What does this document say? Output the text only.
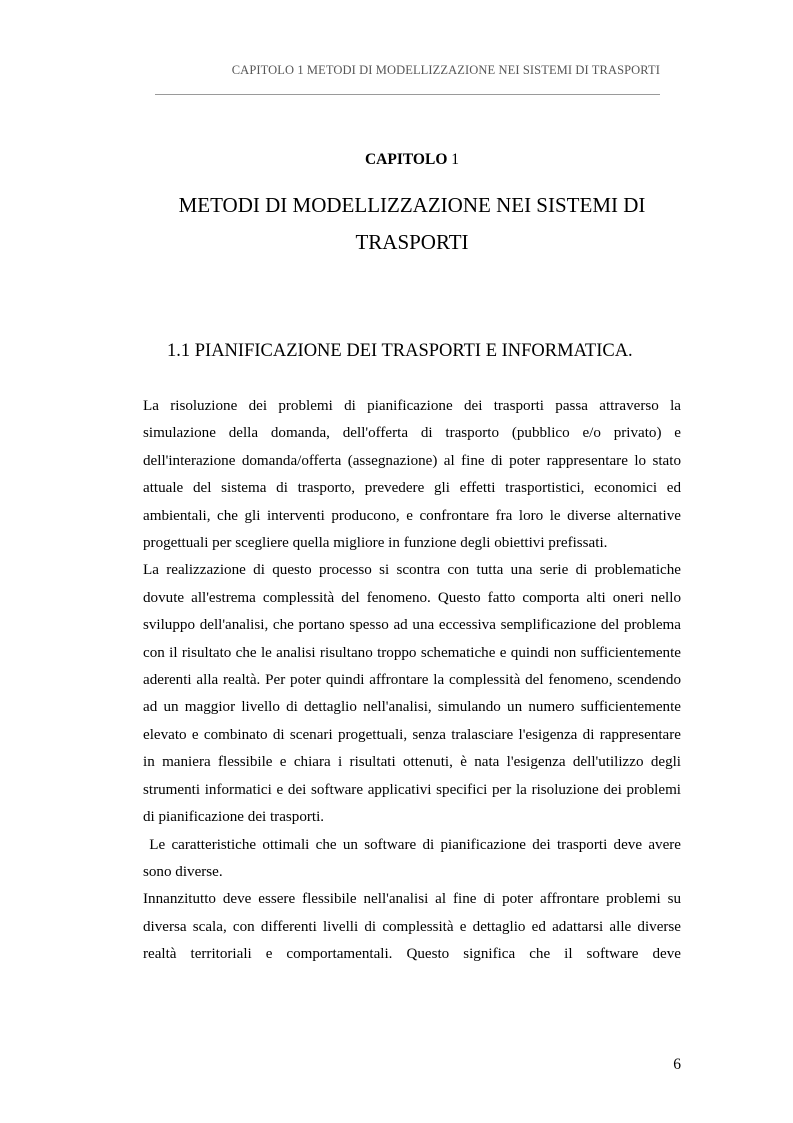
CAPITOLO 1 METODI DI MODELLIZZAZIONE NEI SISTEMI DI TRASPORTI
CAPITOLO 1
METODI DI MODELLIZZAZIONE NEI SISTEMI DI
TRASPORTI
1.1 PIANIFICAZIONE DEI TRASPORTI E INFORMATICA.

La risoluzione dei problemi di pianificazione dei trasporti passa attraverso la simulazione della domanda, dell'offerta di trasporto (pubblico e/o privato) e dell'interazione domanda/offerta (assegnazione) al fine di poter rappresentare lo stato attuale del sistema di trasporto, prevedere gli effetti trasportistici, economici ed ambientali, che gli interventi producono, e confrontare fra loro le diverse alternative progettuali per scegliere quella migliore in funzione degli obiettivi prefissati.

La realizzazione di questo processo si scontra con tutta una serie di problematiche dovute all'estrema complessità del fenomeno. Questo fatto comporta alti oneri nello sviluppo dell'analisi, che portano spesso ad una eccessiva semplificazione del problema con il risultato che le analisi risultano troppo schematiche e quindi non sufficientemente aderenti alla realtà. Per poter quindi affrontare la complessità del fenomeno, scendendo ad un maggior livello di dettaglio nell'analisi, simulando un numero sufficientemente elevato e combinato di scenari progettuali, senza tralasciare l'esigenza di rappresentare in maniera flessibile e chiara i risultati ottenuti, è nata l'esigenza dell'utilizzo degli strumenti informatici e dei software applicativi specifici per la risoluzione dei problemi di pianificazione dei trasporti.

Le caratteristiche ottimali che un software di pianificazione dei trasporti deve avere sono diverse.

Innanzitutto deve essere flessibile nell'analisi al fine di poter affrontare problemi su diversa scala, con differenti livelli di complessità e dettaglio ed adattarsi alle diverse realtà territoriali e comportamentali. Questo significa che il software deve

6
